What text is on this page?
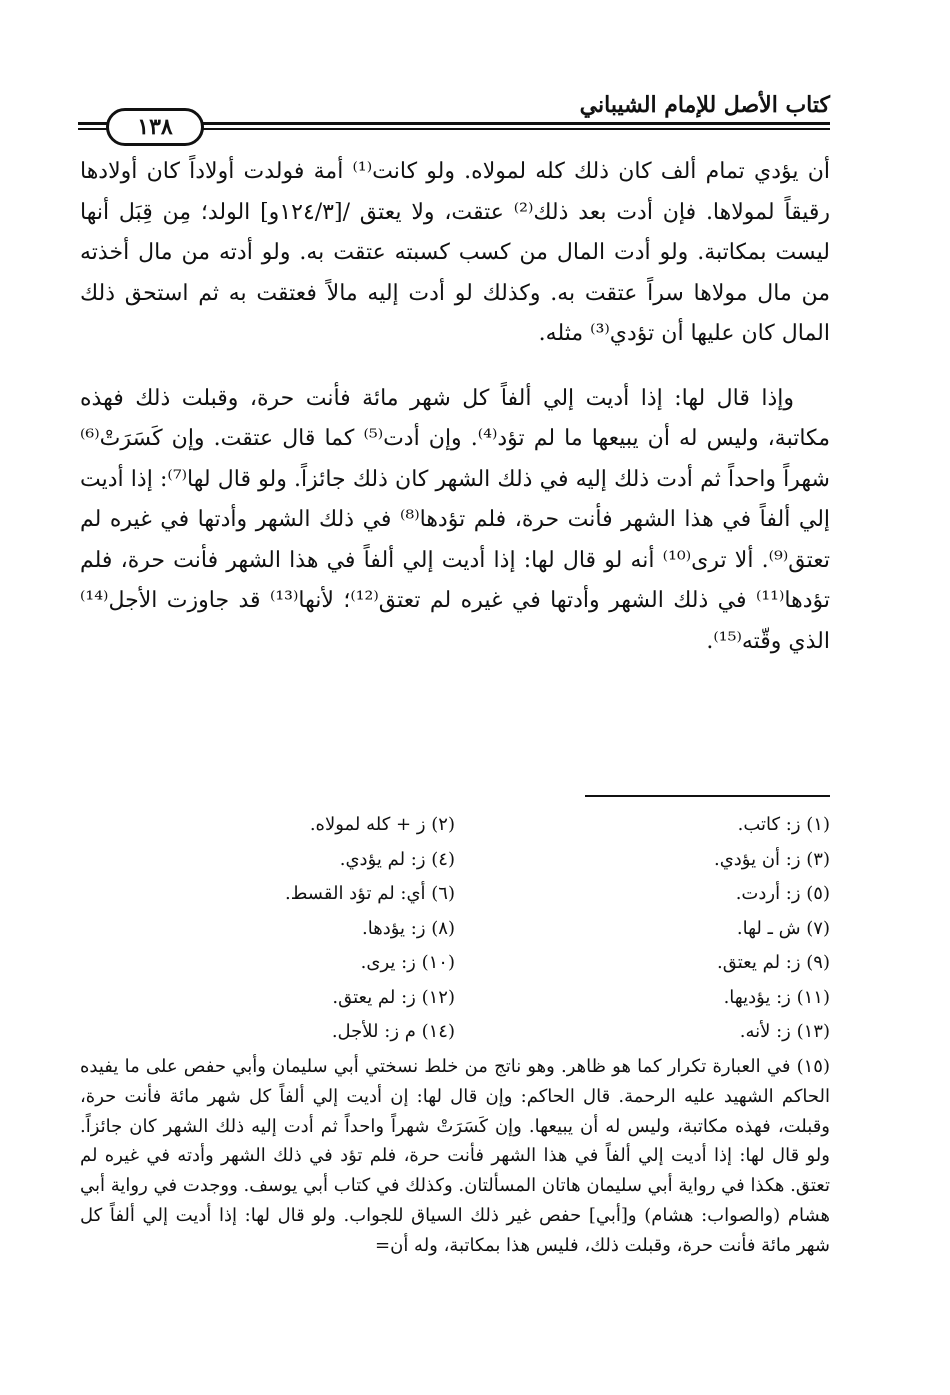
كتاب الأصل للإمام الشيباني
١٣٨

أن يؤدي تمام ألف كان ذلك كله لمولاه. ولو كانت⁽¹⁾ أمة فولدت أولاداً كان أولادها رقيقاً لمولاها. فإن أدت بعد ذلك⁽²⁾ عتقت، ولا يعتق /[١٢٤/٣و] الولد؛ مِن قِبَل أنها ليست بمكاتبة. ولو أدت المال من كسب كسبته عتقت به. ولو أدته من مال أخذته من مال مولاها سراً عتقت به. وكذلك لو أدت إليه مالاً فعتقت به ثم استحق ذلك المال كان عليها أن تؤدي⁽³⁾ مثله.

وإذا قال لها: إذا أديت إلي ألفاً كل شهر مائة فأنت حرة، وقبلت ذلك فهذه مكاتبة، وليس له أن يبيعها ما لم تؤد⁽⁴⁾. وإن أدت⁽⁵⁾ كما قال عتقت. وإن كَسَرَتْ⁽⁶⁾ شهراً واحداً ثم أدت ذلك إليه في ذلك الشهر كان ذلك جائزاً. ولو قال لها⁽⁷⁾: إذا أديت إلي ألفاً في هذا الشهر فأنت حرة، فلم تؤدها⁽⁸⁾ في ذلك الشهر وأدتها في غيره لم تعتق⁽⁹⁾. ألا ترى⁽¹⁰⁾ أنه لو قال لها: إذا أديت إلي ألفاً في هذا الشهر فأنت حرة، فلم تؤدها⁽¹¹⁾ في ذلك الشهر وأدتها في غيره لم تعتق⁽¹²⁾؛ لأنها⁽¹³⁾ قد جاوزت الأجل⁽¹⁴⁾ الذي وقّته⁽¹⁵⁾.

(١) ز: كاتب.
(٢) ز + كله لمولاه.
(٣) ز: أن يؤدي.
(٤) ز: لم يؤدي.
(٥) ز: أردت.
(٦) أي: لم تؤد القسط.
(٧) ش ـ لها.
(٨) ز: يؤدها.
(٩) ز: لم يعتق.
(١٠) ز: يرى.
(١١) ز: يؤديها.
(١٢) ز: لم يعتق.
(١٣) ز: لأنه.
(١٤) م ز: للأجل.
(١٥) في العبارة تكرار كما هو ظاهر. وهو ناتج من خلط نسختي أبي سليمان وأبي حفص على ما يفيده الحاكم الشهيد عليه الرحمة. قال الحاكم: وإن قال لها: إن أديت إلي ألفاً كل شهر مائة فأنت حرة، وقبلت، فهذه مكاتبة، وليس له أن يبيعها. وإن كَسَرَتْ شهراً واحداً ثم أدت إليه ذلك الشهر كان جائزاً. ولو قال لها: إذا أديت إلي ألفاً في هذا الشهر فأنت حرة، فلم تؤد في ذلك الشهر وأدته في غيره لم تعتق. هكذا في رواية أبي سليمان هاتان المسألتان. وكذلك في كتاب أبي يوسف. ووجدت في رواية أبي هشام (والصواب: هشام) و[أبي] حفص غير ذلك السياق للجواب. ولو قال لها: إذا أديت إلي ألفاً كل شهر مائة فأنت حرة، وقبلت ذلك، فليس هذا بمكاتبة، وله أن=
